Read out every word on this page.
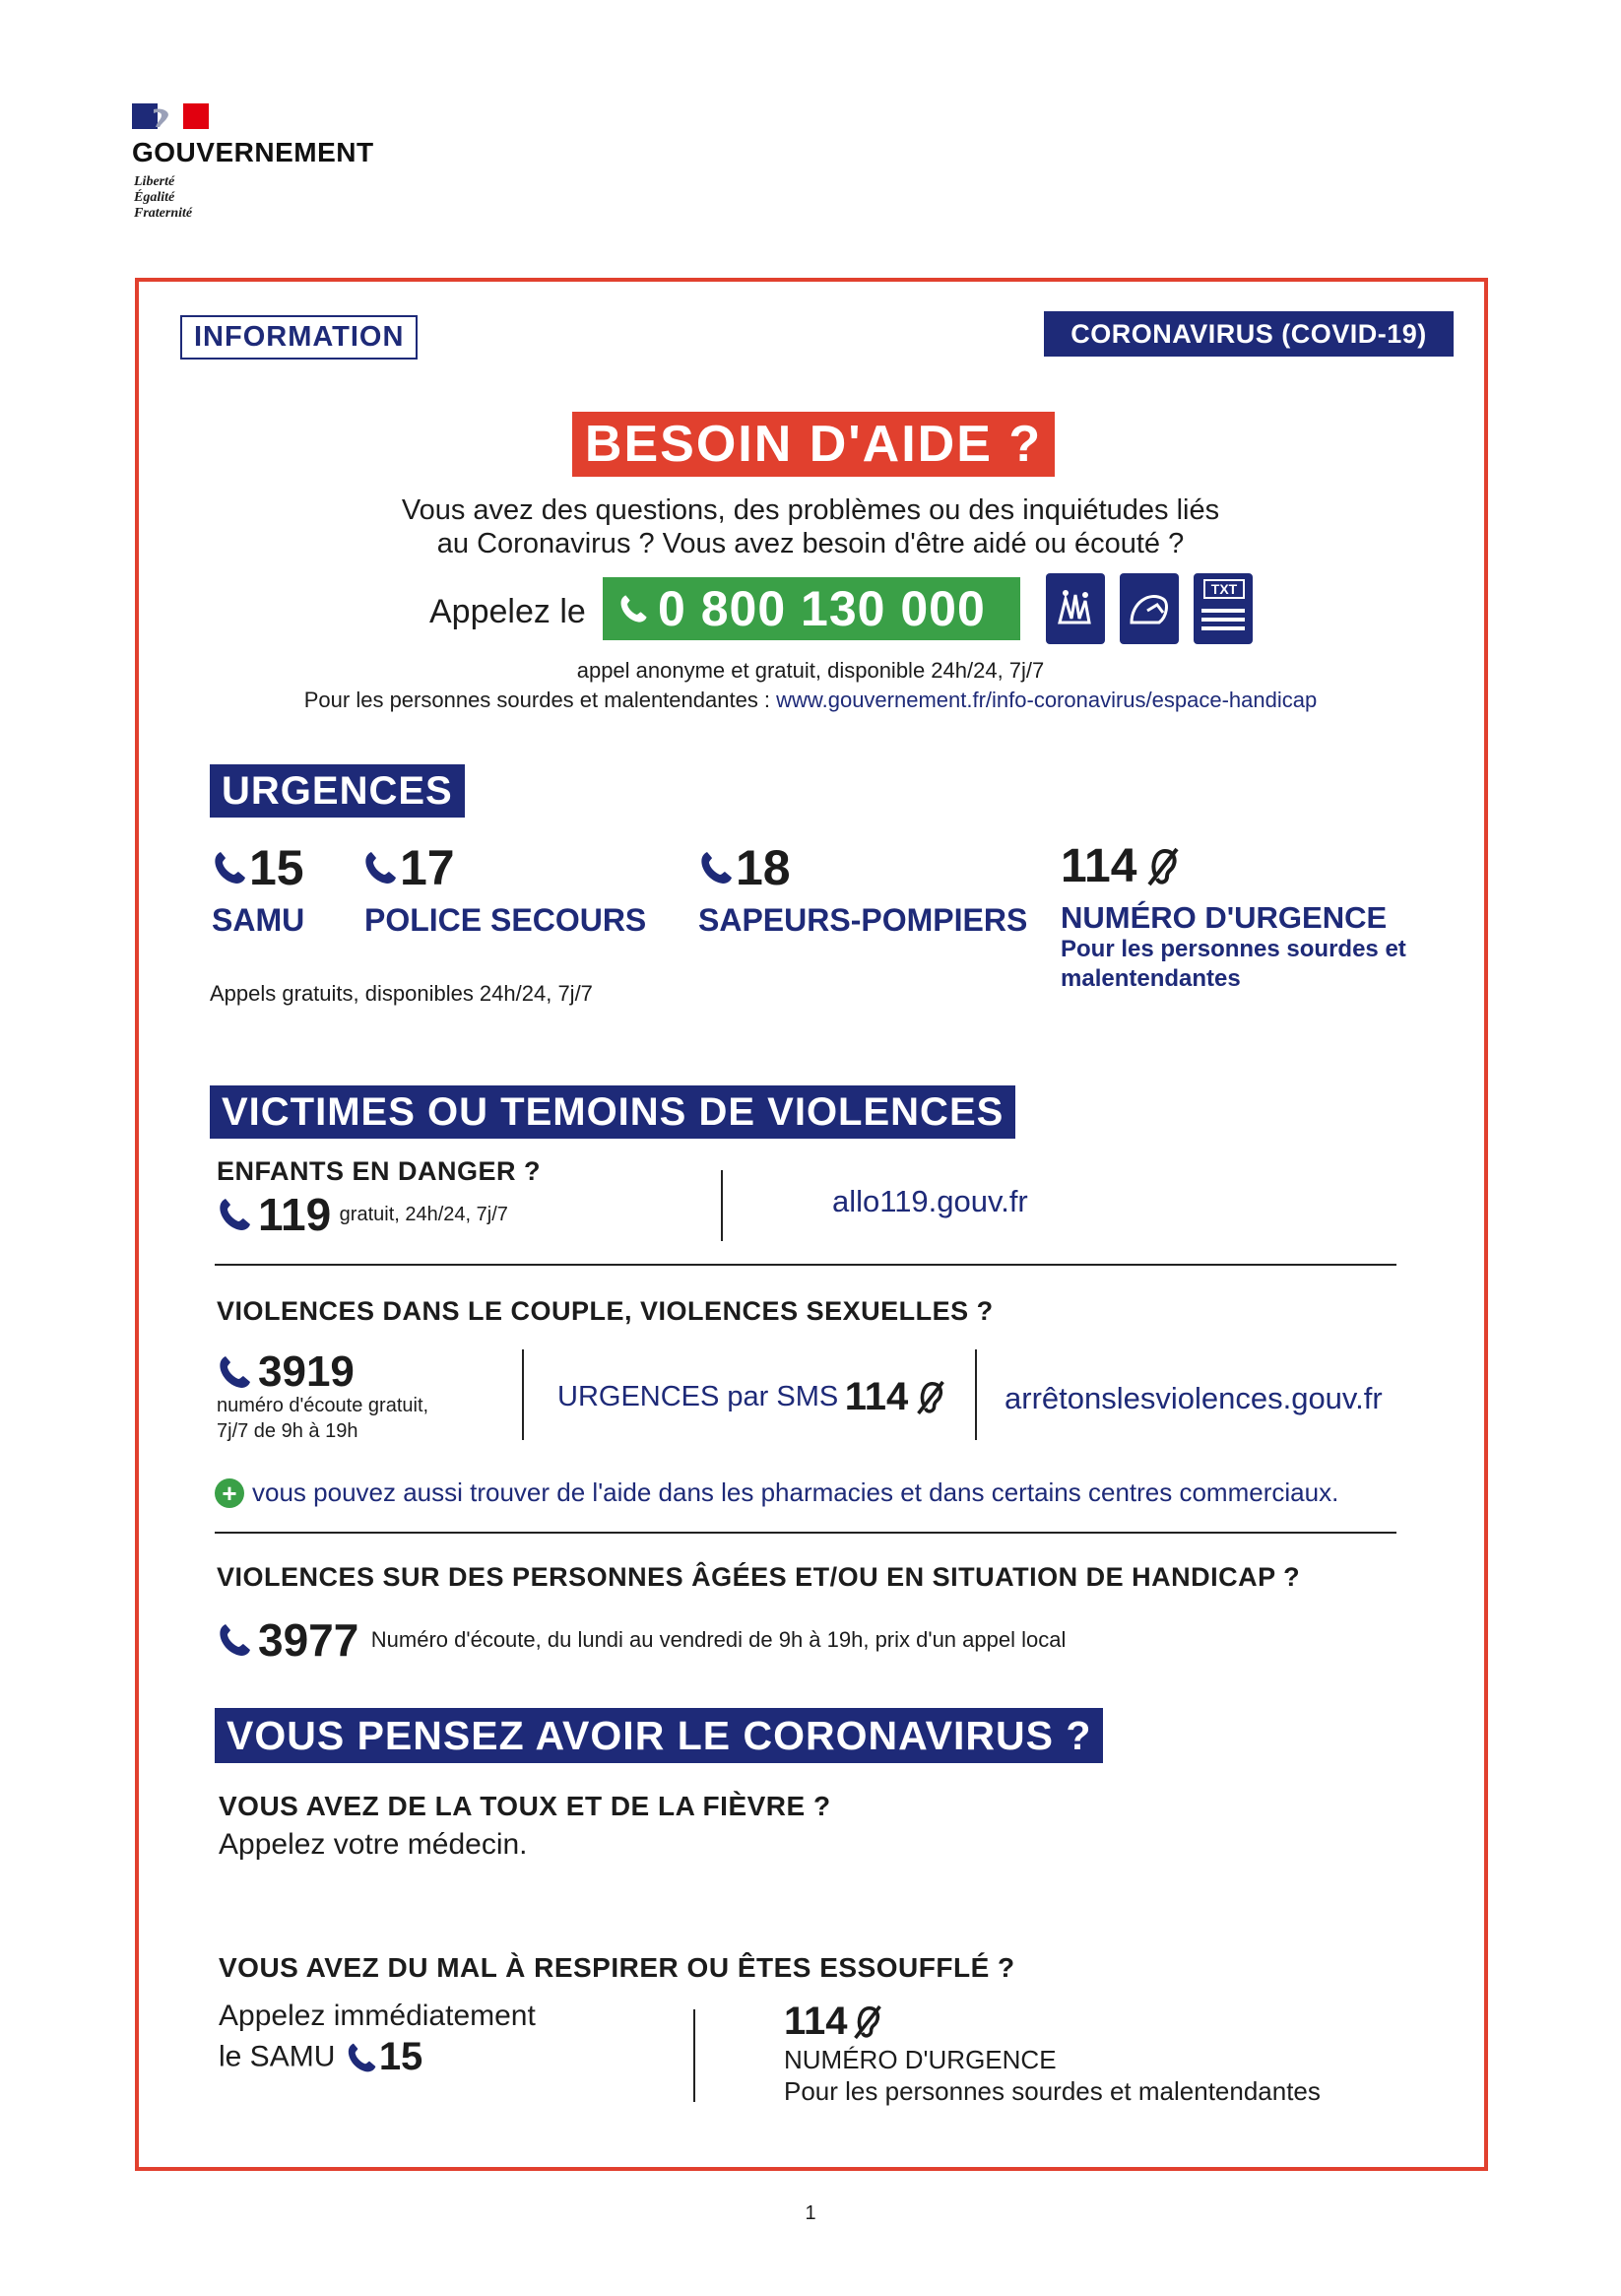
GOUVERNEMENT
Liberté
Égalité
Fraternité
INFORMATION	CORONAVIRUS (COVID-19)
BESOIN D'AIDE ?
Vous avez des questions, des problèmes ou des inquiétudes liés
au Coronavirus ? Vous avez besoin d'être aidé ou écouté ?
Appelez le 0 800 130 000	TXT
appel anonyme et gratuit, disponible 24h/24, 7j/7
Pour les personnes sourdes et malentendantes : www.gouvernement.fr/info-coronavirus/espace-handicap
URGENCES
15
SAMU
17
POLICE SECOURS
18
SAPEURS-POMPIERS
114
NUMÉRO D'URGENCE
Pour les personnes sourdes et
malentendantes
Appels gratuits, disponibles 24h/24, 7j/7
VICTIMES OU TEMOINS DE VIOLENCES
ENFANTS EN DANGER ?
119 gratuit, 24h/24, 7j/7	allo119.gouv.fr
VIOLENCES DANS LE COUPLE, VIOLENCES SEXUELLES ?
3919
numéro d'écoute gratuit,
7j/7 de 9h à 19h
URGENCES par SMS 114	arrêtonslesviolences.gouv.fr
+ vous pouvez aussi trouver de l'aide dans les pharmacies et dans certains centres commerciaux.
VIOLENCES SUR DES PERSONNES ÂGÉES ET/OU EN SITUATION DE HANDICAP ?
3977 Numéro d'écoute, du lundi au vendredi de 9h à 19h, prix d'un appel local
VOUS PENSEZ AVOIR LE CORONAVIRUS ?
VOUS AVEZ DE LA TOUX ET DE LA FIÈVRE ?
Appelez votre médecin.
VOUS AVEZ DU MAL À RESPIRER OU ÊTES ESSOUFFLÉ ?
Appelez immédiatement
le SAMU 15
114
NUMÉRO D'URGENCE
Pour les personnes sourdes et malentendantes
1
